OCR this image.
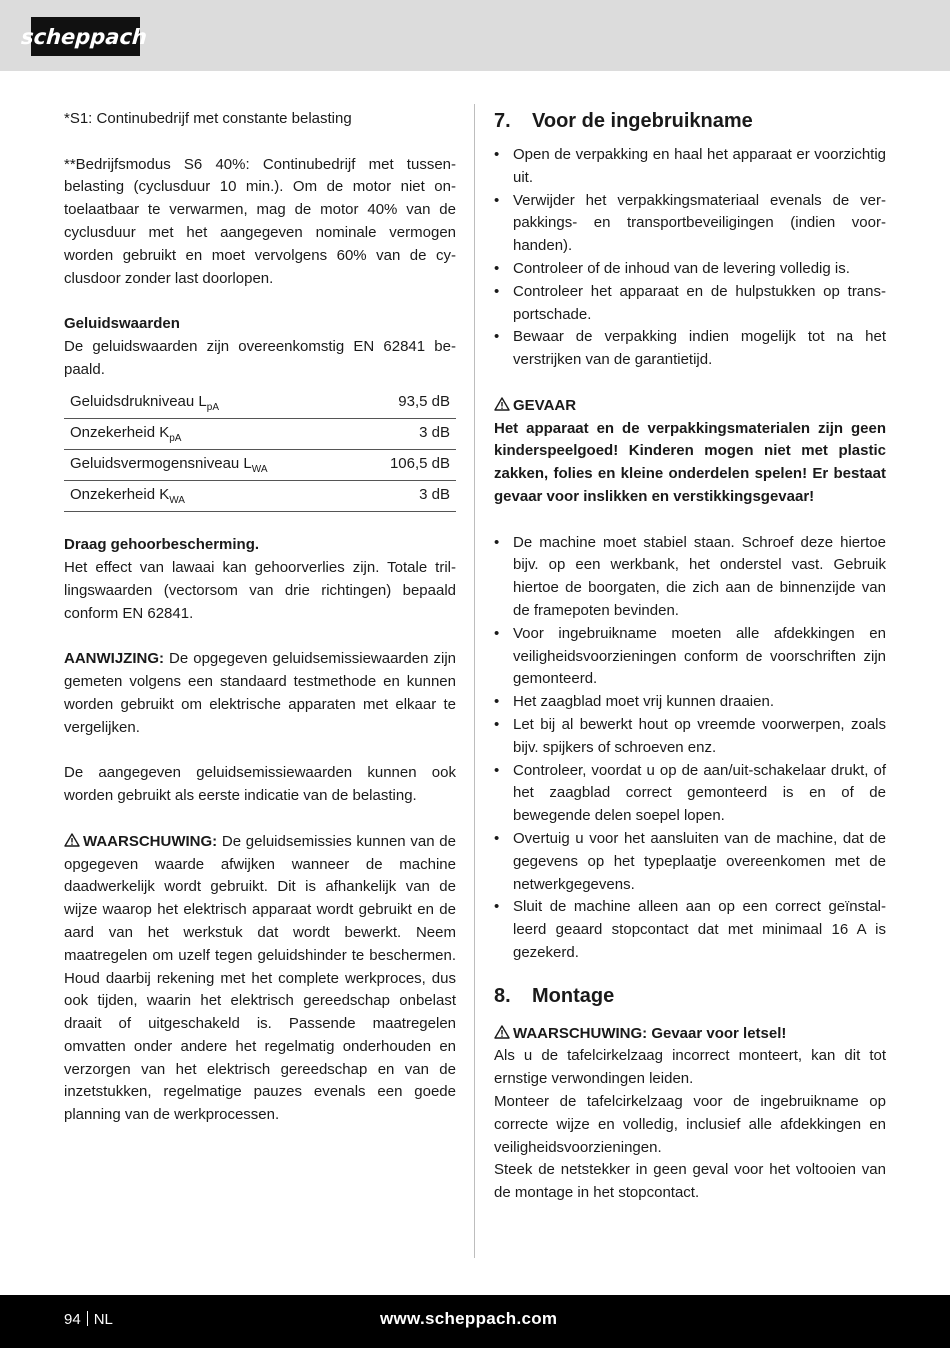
scheppach

*S1: Continubedrijf met constante belasting

**Bedrijfsmodus S6 40%: Continubedrijf met tussenbelasting (cyclusduur 10 min.). Om de motor niet ontoelaatbaar te verwarmen, mag de motor 40% van de cyclusduur met het aangegeven nominale vermogen worden gebruikt en moet vervolgens 60% van de cyclusdoor zonder last doorlopen.

Geluidswaarden

De geluidswaarden zijn overeenkomstig EN 62841 bepaald.

Geluidsdrukniveau $L_{pA}$	93,5 dB
Onzekerheid $K_{pA}$	3 dB
Geluidsvermogensniveau $L_{WA}$	106,5 dB
Onzekerheid $K_{WA}$	3 dB

Draag gehoorbescherming.

Het effect van lawaai kan gehoorverlies zijn. Totale trillingswaarden (vectorsom van drie richtingen) bepaald conform EN 62841.

AANWIJZING: De opgegeven geluidsemissiewaarden zijn gemeten volgens een standaard testmethode en kunnen worden gebruikt om elektrische apparaten met elkaar te vergelijken.

De aangegeven geluidsemissiewaarden kunnen ook worden gebruikt als eerste indicatie van de belasting.

WAARSCHUWING: De geluidsemissies kunnen van de opgegeven waarde afwijken wanneer de machine daadwerkelijk wordt gebruikt. Dit is afhankelijk van de wijze waarop het elektrisch apparaat wordt gebruikt en de aard van het werkstuk dat wordt bewerkt. Neem maatregelen om uzelf tegen geluidshinder te beschermen. Houd daarbij rekening met het complete werkproces, dus ook tijden, waarin het elektrisch gereedschap onbelast draait of uitgeschakeld is. Passende maatregelen omvatten onder andere het regelmatig onderhouden en verzorgen van het elektrisch gereedschap en van de inzetstukken, regelmatige pauzes evenals een goede planning van de werkprocessen.

7. Voor de ingebruikname
• Open de verpakking en haal het apparaat er voorzichtig uit.
• Verwijder het verpakkingsmateriaal evenals de verpakkings- en transportbeveiligingen (indien voorhanden).
• Controleer of de inhoud van de levering volledig is.
• Controleer het apparaat en de hulpstukken op transportschade.
• Bewaar de verpakking indien mogelijk tot na het verstrijken van de garantietijd.

GEVAAR

Het apparaat en de verpakkingsmaterialen zijn geen kinderspeelgoed! Kinderen mogen niet met plastic zakken, folies en kleine onderdelen spelen! Er bestaat gevaar voor inslikken en verstikkingsgevaar!

• De machine moet stabiel staan. Schroef deze hiertoe bijv. op een werkbank, het onderstel vast. Gebruik hiertoe de boorgaten, die zich aan de binnenzijde van de framepoten bevinden.
• Voor ingebruikname moeten alle afdekkingen en veiligheidsvoorzieningen conform de voorschriften zijn gemonteerd.
• Het zaagblad moet vrij kunnen draaien.
• Let bij al bewerkt hout op vreemde voorwerpen, zoals bijv. spijkers of schroeven enz.
• Controleer, voordat u op de aan/uit-schakelaar drukt, of het zaagblad correct gemonteerd is en of de bewegende delen soepel lopen.
• Overtuig u voor het aansluiten van de machine, dat de gegevens op het typeplaatje overeenkomen met de netwerkgegevens.
• Sluit de machine alleen aan op een correct geïnstalleerd geaard stopcontact dat met minimaal 16 A is gezekerd.
8. Montage

WAARSCHUWING: Gevaar voor letsel!

Als u de tafelcirkelzaag incorrect monteert, kan dit tot ernstige verwondingen leiden.

Monteer de tafelcirkelzaag voor de ingebruikname op correcte wijze en volledig, inclusief alle afdekkingen en veiligheidsvoorzieningen.

Steek de netstekker in geen geval voor het voltooien van de montage in het stopcontact.

94 NL	www.scheppach.com
